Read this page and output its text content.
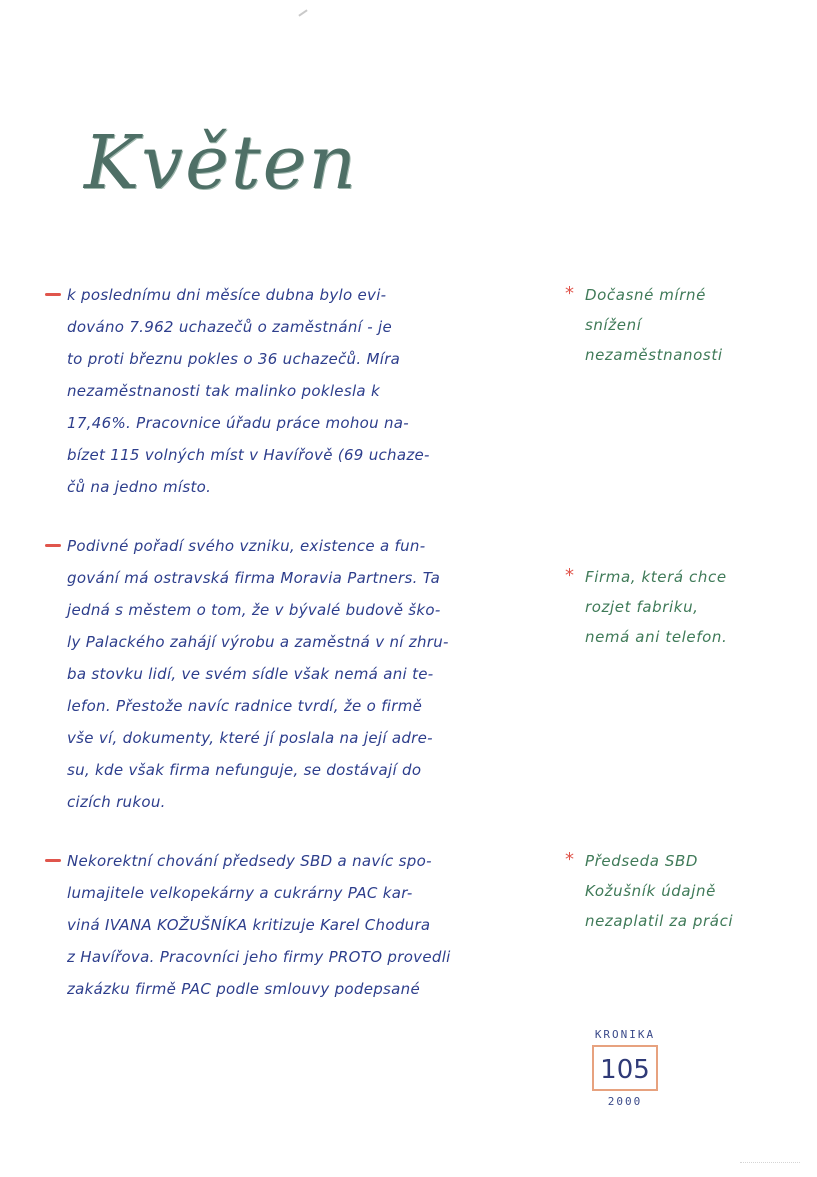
Květen
k poslednímu dni měsíce dubna bylo evi-
dováno 7.962 uchazečů o zaměstnání - je
to proti březnu pokles o 36 uchazečů. Míra
nezaměstnanosti tak malinko poklesla k
17,46%. Pracovnice úřadu práce mohou na-
bízet 115 volných míst v Havířově (69 uchaze-
čů na jedno místo.
* Dočasné mírné
snížení
nezaměstnanosti
Podivné pořadí svého vzniku, existence a fun-
gování má ostravská firma Moravia Partners. Ta
jedná s městem o tom, že v bývalé budově ško-
ly Palackého zahájí výrobu a zaměstná v ní zhru-
ba stovku lidí, ve svém sídle však nemá ani te-
lefon. Přestože navíc radnice tvrdí, že o firmě
vše ví, dokumenty, které jí poslala na její adre-
su, kde však firma nefunguje, se dostávají do
cizích rukou.
* Firma, která chce
rozjet fabriku,
nemá ani telefon.
Nekorektní chování předsedy SBD a navíc spo-
lumajitele velkopekárny a cukrárny PAC kar-
viná IVANA KOŽUŠNÍKA kritizuje Karel Chodura
z Havířova. Pracovníci jeho firmy PROTO provedli
zakázku firmě PAC podle smlouvy podepsané
* Předseda SBD
Kožušník údajně
nezaplatil za práci
KRONIKA
105
2000
